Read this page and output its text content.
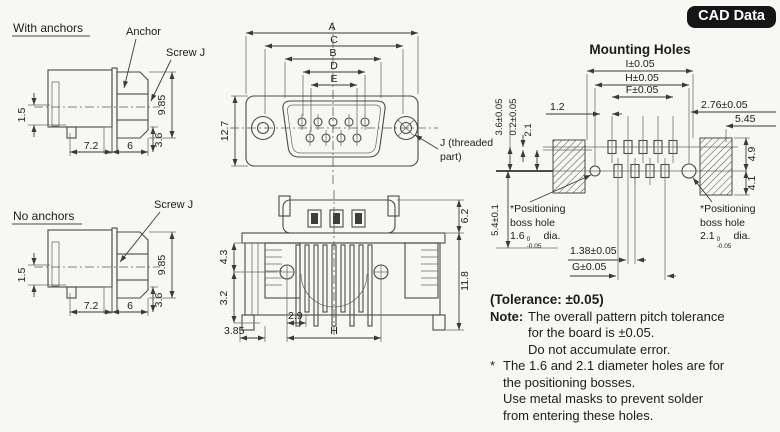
With anchors	Anchor
Screw J
1.5
7.2	6 3.6
9.85
No anchors
Screw J
1.5
7.2	6 3.6
9.85
A
C
B
D
E
12.7
J (threaded
part)
6.2
11.8
4.3
3.2
3.85
2.9
H
Mounting Holes
I±0.05
H±0.05
F±0.05
1.2	2.76±0.05
5.45
3.6±0.05 0.2±0.05 2.1
5.4±0.1
4.9
4.1
1.38±0.05
G±0.05
*Positioning
boss hole
1.6 0
-0.05
dia.
*Positioning
boss hole
2.1 0
-0.05
dia.
CAD Data
(Tolerance: ±0.05)
Note: The overall pattern pitch tolerance
for the board is ±0.05.
Do not accumulate error.
* The 1.6 and 2.1 diameter holes are for
the positioning bosses.
Use metal masks to prevent solder
from entering these holes.
